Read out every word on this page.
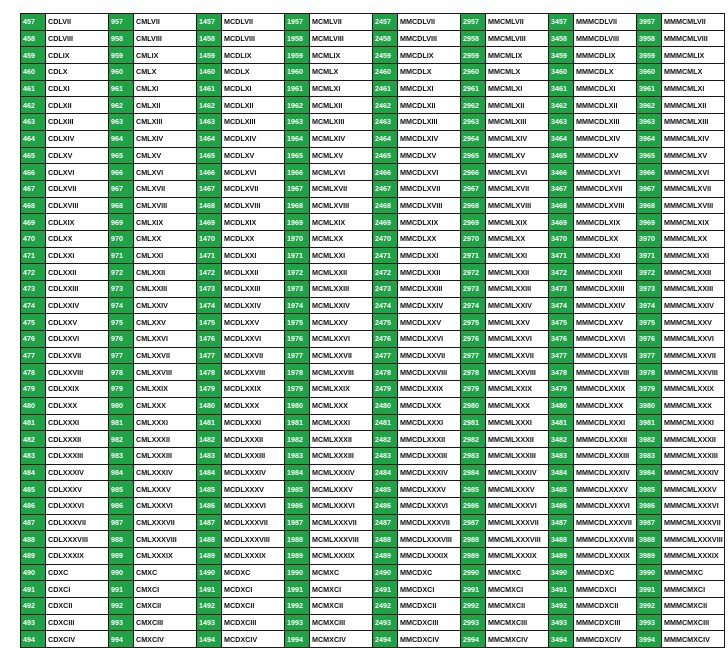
457	CDLVII	957	CMLVII	1457	MCDLVII	1957	MCMLVII	2457	MMCDLVII	2957	MMCMLVII	3457	MMMCDLVII	3957	MMMCMLVII
458	CDLVIII	958	CMLVIII	1458	MCDLVIII	1958	MCMLVIII	2458	MMCDLVIII	2958	MMCMLVIII	3458	MMMCDLVIII	3958	MMMCMLVIII
459	CDLIX	959	CMLIX	1459	MCDLIX	1959	MCMLIX	2459	MMCDLIX	2959	MMCMLIX	3459	MMMCDLIX	3959	MMMCMLIX
460	CDLX	960	CMLX	1460	MCDLX	1960	MCMLX	2460	MMCDLX	2960	MMCMLX	3460	MMMCDLX	3960	MMMCMLX
461	CDLXI	961	CMLXI	1461	MCDLXI	1961	MCMLXI	2461	MMCDLXI	2961	MMCMLXI	3461	MMMCDLXI	3961	MMMCMLXI
462	CDLXII	962	CMLXII	1462	MCDLXII	1962	MCMLXII	2462	MMCDLXII	2962	MMCMLXII	3462	MMMCDLXII	3962	MMMCMLXII
463	CDLXIII	963	CMLXIII	1463	MCDLXIII	1963	MCMLXIII	2463	MMCDLXIII	2963	MMCMLXIII	3463	MMMCDLXIII	3963	MMMCMLXIII
464	CDLXIV	964	CMLXIV	1464	MCDLXIV	1964	MCMLXIV	2464	MMCDLXIV	2964	MMCMLXIV	3464	MMMCDLXIV	3964	MMMCMLXIV
465	CDLXV	965	CMLXV	1465	MCDLXV	1965	MCMLXV	2465	MMCDLXV	2965	MMCMLXV	3465	MMMCDLXV	3965	MMMCMLXV
466	CDLXVI	966	CMLXVI	1466	MCDLXVI	1966	MCMLXVI	2466	MMCDLXVI	2966	MMCMLXVI	3466	MMMCDLXVI	3966	MMMCMLXVI
467	CDLXVII	967	CMLXVII	1467	MCDLXVII	1967	MCMLXVII	2467	MMCDLXVII	2967	MMCMLXVII	3467	MMMCDLXVII	3967	MMMCMLXVII
468	CDLXVIII	968	CMLXVIII	1468	MCDLXVIII	1968	MCMLXVIII	2468	MMCDLXVIII	2968	MMCMLXVIII	3468	MMMCDLXVIII	3968	MMMCMLXVIII
469	CDLXIX	969	CMLXIX	1469	MCDLXIX	1969	MCMLXIX	2469	MMCDLXIX	2969	MMCMLXIX	3469	MMMCDLXIX	3969	MMMCMLXIX
470	CDLXX	970	CMLXX	1470	MCDLXX	1970	MCMLXX	2470	MMCDLXX	2970	MMCMLXX	3470	MMMCDLXX	3970	MMMCMLXX
471	CDLXXI	971	CMLXXI	1471	MCDLXXI	1971	MCMLXXI	2471	MMCDLXXI	2971	MMCMLXXI	3471	MMMCDLXXI	3971	MMMCMLXXI
472	CDLXXII	972	CMLXXII	1472	MCDLXXII	1972	MCMLXXII	2472	MMCDLXXII	2972	MMCMLXXII	3472	MMMCDLXXII	3972	MMMCMLXXII
473	CDLXXIII	973	CMLXXIII	1473	MCDLXXIII	1973	MCMLXXIII	2473	MMCDLXXIII	2973	MMCMLXXIII	3473	MMMCDLXXIII	3973	MMMCMLXXIII
474	CDLXXIV	974	CMLXXIV	1474	MCDLXXIV	1974	MCMLXXIV	2474	MMCDLXXIV	2974	MMCMLXXIV	3474	MMMCDLXXIV	3974	MMMCMLXXIV
475	CDLXXV	975	CMLXXV	1475	MCDLXXV	1975	MCMLXXV	2475	MMCDLXXV	2975	MMCMLXXV	3475	MMMCDLXXV	3975	MMMCMLXXV
476	CDLXXVI	976	CMLXXVI	1476	MCDLXXVI	1976	MCMLXXVI	2476	MMCDLXXVI	2976	MMCMLXXVI	3476	MMMCDLXXVI	3976	MMMCMLXXVI
477	CDLXXVII	977	CMLXXVII	1477	MCDLXXVII	1977	MCMLXXVII	2477	MMCDLXXVII	2977	MMCMLXXVII	3477	MMMCDLXXVII	3977	MMMCMLXXVII
478	CDLXXVIII	978	CMLXXVIII	1478	MCDLXXVIII	1978	MCMLXXVIII	2478	MMCDLXXVIII	2978	MMCMLXXVIII	3478	MMMCDLXXVIII	3978	MMMCMLXXVIII
479	CDLXXIX	979	CMLXXIX	1479	MCDLXXIX	1979	MCMLXXIX	2479	MMCDLXXIX	2979	MMCMLXXIX	3479	MMMCDLXXIX	3979	MMMCMLXXIX
480	CDLXXX	980	CMLXXX	1480	MCDLXXX	1980	MCMLXXX	2480	MMCDLXXX	2980	MMCMLXXX	3480	MMMCDLXXX	3980	MMMCMLXXX
481	CDLXXXI	981	CMLXXXI	1481	MCDLXXXI	1981	MCMLXXXI	2481	MMCDLXXXI	2981	MMCMLXXXI	3481	MMMCDLXXXI	3981	MMMCMLXXXI
482	CDLXXXII	982	CMLXXXII	1482	MCDLXXXII	1982	MCMLXXXII	2482	MMCDLXXXII	2982	MMCMLXXXII	3482	MMMCDLXXXII	3982	MMMCMLXXXII
483	CDLXXXIII	983	CMLXXXIII	1483	MCDLXXXIII	1983	MCMLXXXIII	2483	MMCDLXXXIII	2983	MMCMLXXXIII	3483	MMMCDLXXXIII	3983	MMMCMLXXXIII
484	CDLXXXIV	984	CMLXXXIV	1484	MCDLXXXIV	1984	MCMLXXXIV	2484	MMCDLXXXIV	2984	MMCMLXXXIV	3484	MMMCDLXXXIV	3984	MMMCMLXXXIV
485	CDLXXXV	985	CMLXXXV	1485	MCDLXXXV	1985	MCMLXXXV	2485	MMCDLXXXV	2985	MMCMLXXXV	3485	MMMCDLXXXV	3985	MMMCMLXXXV
486	CDLXXXVI	986	CMLXXXVI	1486	MCDLXXXVI	1986	MCMLXXXVI	2486	MMCDLXXXVI	2986	MMCMLXXXVI	3486	MMMCDLXXXVI	3986	MMMCMLXXXVI
487	CDLXXXVII	987	CMLXXXVII	1487	MCDLXXXVII	1987	MCMLXXXVII	2487	MMCDLXXXVII	2987	MMCMLXXXVII	3487	MMMCDLXXXVII	3987	MMMCMLXXXVII
488	CDLXXXVIII	988	CMLXXXVIII	1488	MCDLXXXVIII	1988	MCMLXXXVIII	2488	MMCDLXXXVIII	2988	MMCMLXXXVIII	3488	MMMCDLXXXVIII	3988	MMMCMLXXXVIII
489	CDLXXXIX	989	CMLXXXIX	1489	MCDLXXXIX	1989	MCMLXXXIX	2489	MMCDLXXXIX	2989	MMCMLXXXIX	3489	MMMCDLXXXIX	3989	MMMCMLXXXIX
490	CDXC	990	CMXC	1490	MCDXC	1990	MCMXC	2490	MMCDXC	2990	MMCMXC	3490	MMMCDXC	3990	MMMCMXC
491	CDXCI	991	CMXCI	1491	MCDXCI	1991	MCMXCI	2491	MMCDXCI	2991	MMCMXCI	3491	MMMCDXCI	3991	MMMCMXCI
492	CDXCII	992	CMXCII	1492	MCDXCII	1992	MCMXCII	2492	MMCDXCII	2992	MMCMXCII	3492	MMMCDXCII	3992	MMMCMXCII
493	CDXCIII	993	CMXCIII	1493	MCDXCIII	1993	MCMXCIII	2493	MMCDXCIII	2993	MMCMXCIII	3493	MMMCDXCIII	3993	MMMCMXCIII
494	CDXCIV	994	CMXCIV	1494	MCDXCIV	1994	MCMXCIV	2494	MMCDXCIV	2994	MMCMXCIV	3494	MMMCDXCIV	3994	MMMCMXCIV
